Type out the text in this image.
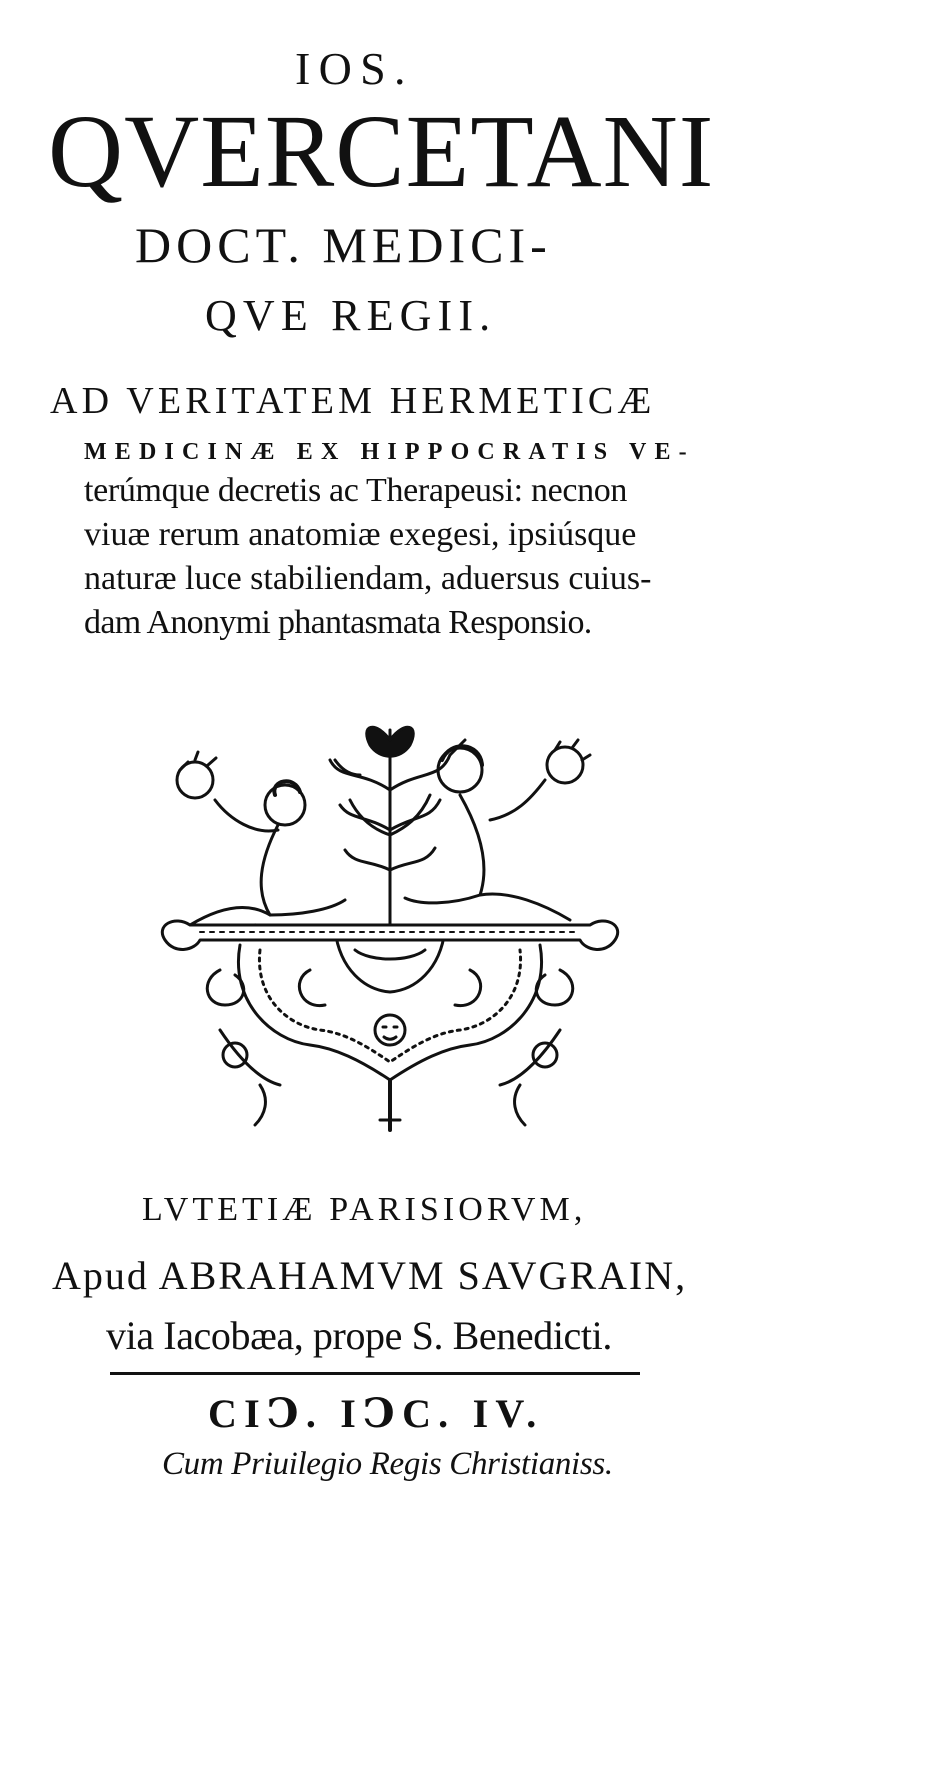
IOS.
QVERCETANI
DOCT. MEDICI-
QVE REGII.
AD VERITATEM HERMETICÆ
MEDICINÆ EX HIPPOCRATIS VE-
terúmque decretis ac Therapeusi: necnon
viuæ rerum anatomiæ exegesi, ipsiúsque
naturæ luce stabiliendam, aduersus cuius-
dam Anonymi phantasmata Responsio.
LVTETIÆ PARISIORVM,
Apud ABRAHAMVM SAVGRAIN,
via Iacobæa, prope S. Benedicti.
CIↃ. IↃC. IV.
Cum Priuilegio Regis Christianiss.
